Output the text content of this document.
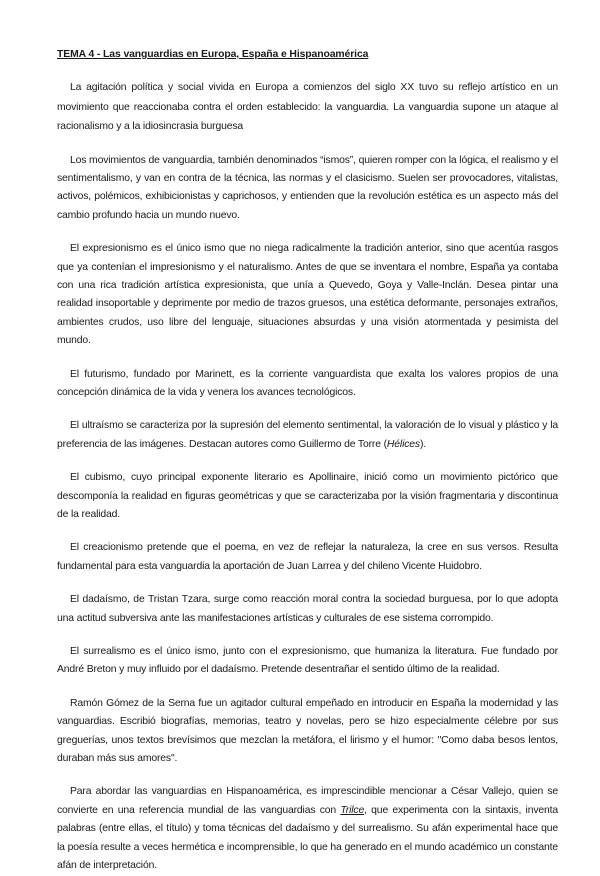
TEMA 4 - Las vanguardias en Europa, España e Hispanoamérica

La agitación política y social vivida en Europa a comienzos del siglo XX tuvo su reflejo artístico en un movimiento que reaccionaba contra el orden establecido: la vanguardia. La vanguardia supone un ataque al racionalismo y a la idiosincrasia burguesa

Los movimientos de vanguardia, también denominados “ismos”, quieren romper con la lógica, el realismo y el sentimentalismo, y van en contra de la técnica, las normas y el clasicismo. Suelen ser provocadores, vitalistas, activos, polémicos, exhibicionistas y caprichosos, y entienden que la revolución estética es un aspecto más del cambio profundo hacia un mundo nuevo.

El expresionismo es el único ismo que no niega radicalmente la tradición anterior, sino que acentúa rasgos que ya contenían el impresionismo y el naturalismo. Antes de que se inventara el nombre, España ya contaba con una rica tradición artística expresionista, que unía a Quevedo, Goya y Valle-Inclán. Desea pintar una realidad insoportable y deprimente por medio de trazos gruesos, una estética deformante, personajes extraños, ambientes crudos, uso libre del lenguaje, situaciones absurdas y una visión atormentada y pesimista del mundo.

El futurismo, fundado por Marinett, es la corriente vanguardista que exalta los valores propios de una concepción dinámica de la vida y venera los avances tecnológicos.

El ultraísmo se caracteriza por la supresión del elemento sentimental, la valoración de lo visual y plástico y la preferencia de las imágenes. Destacan autores como Guillermo de Torre (Hélices).

El cubismo, cuyo principal exponente literario es Apollinaire, inició como un movimiento pictórico que descomponía la realidad en figuras geométricas y que se caracterizaba por la visión fragmentaria y discontinua de la realidad.

El creacionismo pretende que el poema, en vez de reflejar la naturaleza, la cree en sus versos. Resulta fundamental para esta vanguardia la aportación de Juan Larrea y del chileno Vicente Huidobro.

El dadaísmo, de Tristan Tzara, surge como reacción moral contra la sociedad burguesa, por lo que adopta una actitud subversiva ante las manifestaciones artísticas y culturales de ese sistema corrompido.

El surrealismo es el único ismo, junto con el expresionismo, que humaniza la literatura. Fue fundado por André Breton y muy influido por el dadaísmo. Pretende desentrañar el sentido último de la realidad.

Ramón Gómez de la Serna fue un agitador cultural empeñado en introducir en España la modernidad y las vanguardias. Escribió biografías, memorias, teatro y novelas, pero se hizo especialmente célebre por sus greguerías, unos textos brevísimos que mezclan la metáfora, el lirismo y el humor: "Como daba besos lentos, duraban más sus amores".

Para abordar las vanguardias en Hispanoamérica, es imprescindible mencionar a César Vallejo, quien se convierte en una referencia mundial de las vanguardias con Trilce, que experimenta con la sintaxis, inventa palabras (entre ellas, el título) y toma técnicas del dadaísmo y del surrealismo. Su afán experimental hace que la poesía resulte a veces hermética e incomprensible, lo que ha generado en el mundo académico un constante afán de interpretación.
